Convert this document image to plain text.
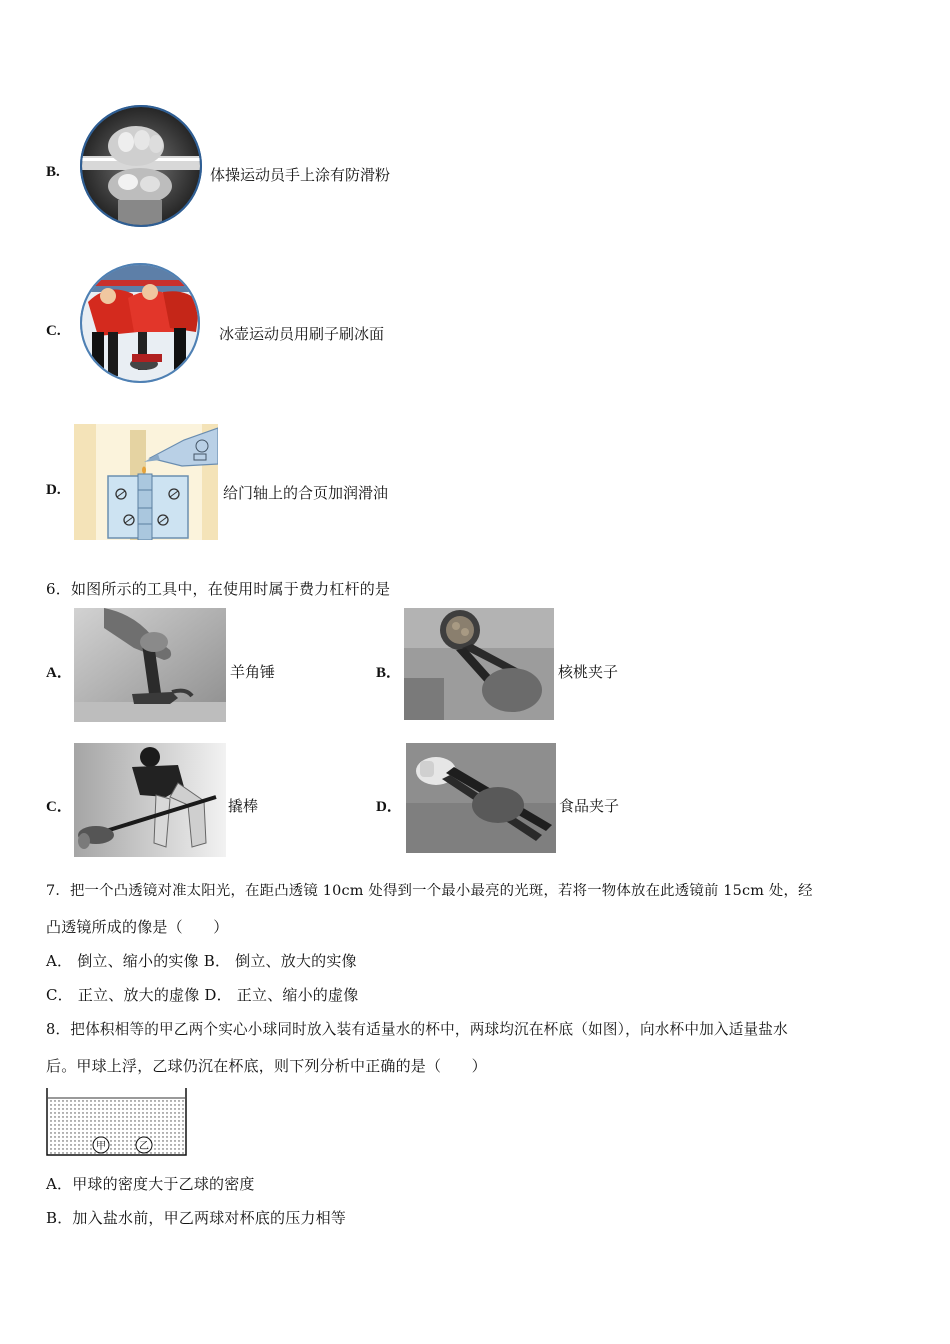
B.	体操运动员手上涂有防滑粉
C.	冰壶运动员用刷子刷冰面
D.	给门轴上的合页加润滑油
6．如图所示的工具中，在使用时属于费力杠杆的是
A．	羊角锤	B．	核桃夹子
C．	撬棒	D．	食品夹子
7．把一个凸透镜对准太阳光，在距凸透镜 10cm 处得到一个最小最亮的光斑，若将一物体放在此透镜前 15cm 处，经
凸透镜所成的像是（　　）
A． 倒立、缩小的实像 B． 倒立、放大的实像
C． 正立、放大的虚像 D． 正立、缩小的虚像
8．把体积相等的甲乙两个实心小球同时放入装有适量水的杯中，两球均沉在杯底（如图），向水杯中加入适量盐水
后。甲球上浮，乙球仍沉在杯底，则下列分析中正确的是（　　）
甲	乙
A．甲球的密度大于乙球的密度
B．加入盐水前，甲乙两球对杯底的压力相等
